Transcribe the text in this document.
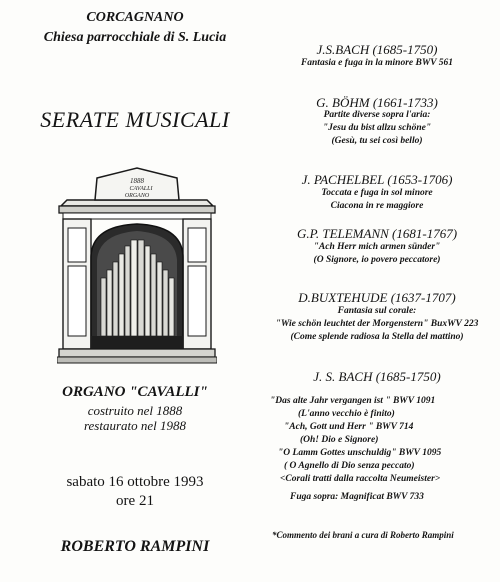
CORCAGNANO
Chiesa parrocchiale di S. Lucia
SERATE MUSICALI
1888
CAVALLI
ORGANO
ORGANO "CAVALLI"
costruito nel 1888
restaurato nel 1988
sabato 16 ottobre 1993
ore 21
ROBERTO RAMPINI
J.S.BACH (1685-1750)
Fantasia e fuga in la minore BWV 561
G. BÖHM (1661-1733)
Partite diverse sopra l'aria:
"Jesu du bist allzu schöne"
(Gesù, tu sei così bello)
J. PACHELBEL (1653-1706)
Toccata e fuga in sol minore
Ciacona in re maggiore
G.P. TELEMANN (1681-1767)
"Ach Herr mich armen sünder"
(O Signore, io povero peccatore)
D.BUXTEHUDE (1637-1707)
Fantasia sul corale:
"Wie schön leuchtet der Morgenstern" BuxWV 223
(Come splende radiosa la Stella del mattino)
J. S. BACH (1685-1750)
"Das alte Jahr vergangen ist " BWV 1091
(L'anno vecchio è finito)
"Ach, Gott und Herr " BWV 714
(Oh! Dio e Signore)
"O Lamm Gottes unschuldig" BWV 1095
( O Agnello di Dio senza peccato)
<Corali tratti dalla raccolta Neumeister>
Fuga sopra: Magnificat BWV 733
*Commento dei brani a cura di Roberto Rampini
